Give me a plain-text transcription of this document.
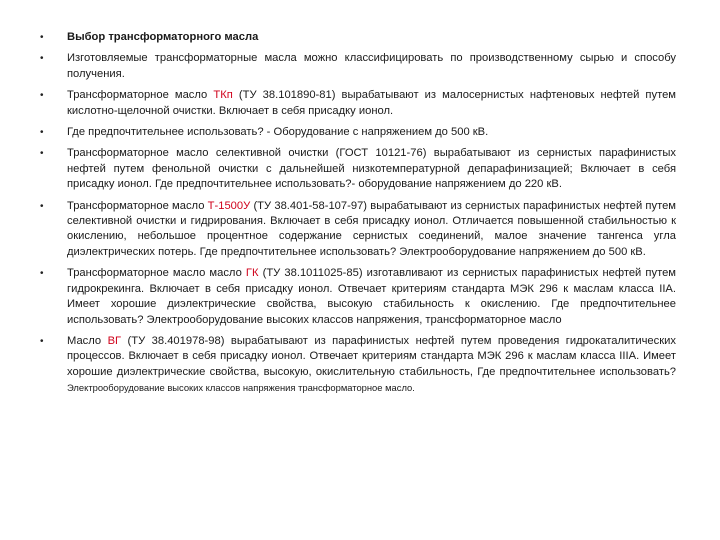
• Выбор трансформаторного масла
• Изготовляемые трансформаторные масла можно классифицировать по производственному сырью и способу получения.
• Трансформаторное масло ТКп (ТУ 38.101890-81) вырабатывают из малосернистых нафтеновых нефтей путем кислотно-щелочной очистки. Включает в себя присадку ионол.
• Где предпочтительнее использовать? - Оборудование с напряжением до 500 кВ.
• Трансформаторное масло селективной очистки (ГОСТ 10121-76) вырабатывают из сернистых парафинистых нефтей путем фенольной очистки с дальнейшей низкотемпературной депарафинизацией; Включает в себя присадку ионол. Где предпочтительнее использовать?- оборудование напряжением до 220 кВ.
• Трансформаторное масло Т-1500У (ТУ 38.401-58-107-97) вырабатывают из сернистых парафинистых нефтей путем селективной очистки и гидрирования. Включает в себя присадку ионол. Отличается повышенной стабильностью к окислению, небольшое процентное содержание сернистых соединений, малое значение тангенса угла диэлектрических потерь. Где предпочтительнее использовать? Электрооборудование напряжением до 500 кВ.
• Трансформаторное масло масло ГК (ТУ 38.1011025-85) изготавливают из сернистых парафинистых нефтей путем гидрокрекинга. Включает в себя присадку ионол. Отвечает критериям стандарта МЭК 296 к маслам класса IIА. Имеет хорошие диэлектрические свойства, высокую стабильность к окислению. Где предпочтительнее использовать? Электрооборудование высоких классов напряжения, трансформаторное масло
• Масло ВГ (ТУ 38.401978-98) вырабатывают из парафинистых нефтей путем проведения гидрокаталитических процессов. Включает в себя присадку ионол. Отвечает критериям стандарта МЭК 296 к маслам класса IIIА. Имеет хорошие диэлектрические свойства, высокую, окислительную стабильность, Где предпочтительнее использовать? Электрооборудование высоких классов напряжения трансформаторное масло.
